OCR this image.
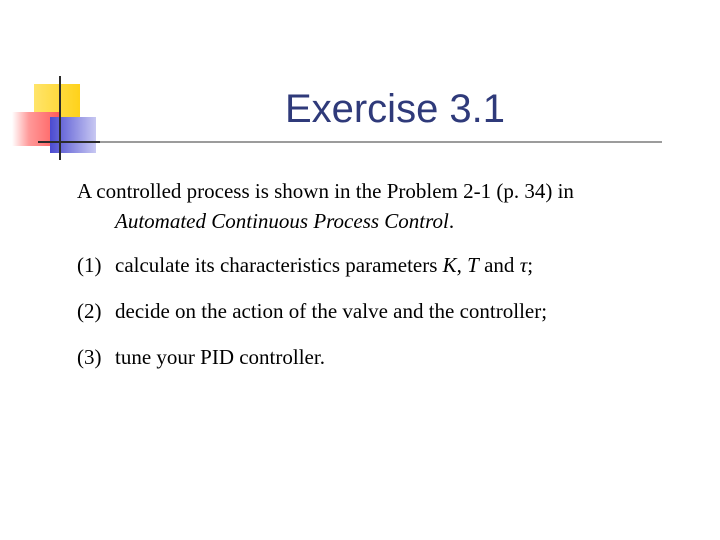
Exercise 3.1

A controlled process is shown in the Problem 2-1 (p. 34) in
Automated Continuous Process Control.

(1) calculate its characteristics parameters K, T and τ;
(2) decide on the action of the valve and the controller;
(3) tune your PID controller.
